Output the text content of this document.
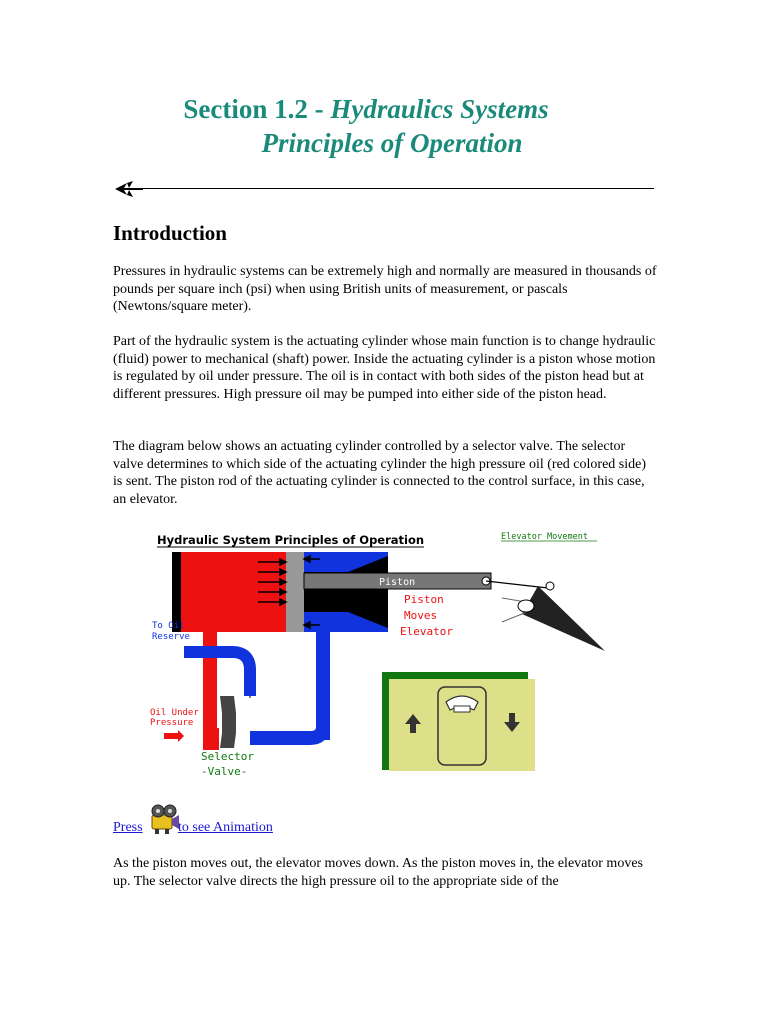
Section 1.2 - Hydraulics Systems
Principles of Operation
Introduction

Pressures in hydraulic systems can be extremely high and normally are measured in thousands of pounds per square inch (psi) when using British units of measurement, or pascals (Newtons/square meter).

Part of the hydraulic system is the actuating cylinder whose main function is to change hydraulic (fluid) power to mechanical (shaft) power. Inside the actuating cylinder is a piston whose motion is regulated by oil under pressure. The oil is in contact with both sides of the piston head but at different pressures. High pressure oil may be pumped into either side of the piston head.

The diagram below shows an actuating cylinder controlled by a selector valve. The selector valve determines to which side of the actuating cylinder the high pressure oil (red colored side) is sent. The piston rod of the actuating cylinder is connected to the control surface, in this case, an elevator.

Hydraulic System Principles of Operation	Elevator Movement
Piston
Piston
Moves
Elevator
To Oil
Reserve
Oil Under
Pressure
Selector
-Valve-
Press	to see Animation

As the piston moves out, the elevator moves down. As the piston moves in, the elevator moves up. The selector valve directs the high pressure oil to the appropriate side of the
